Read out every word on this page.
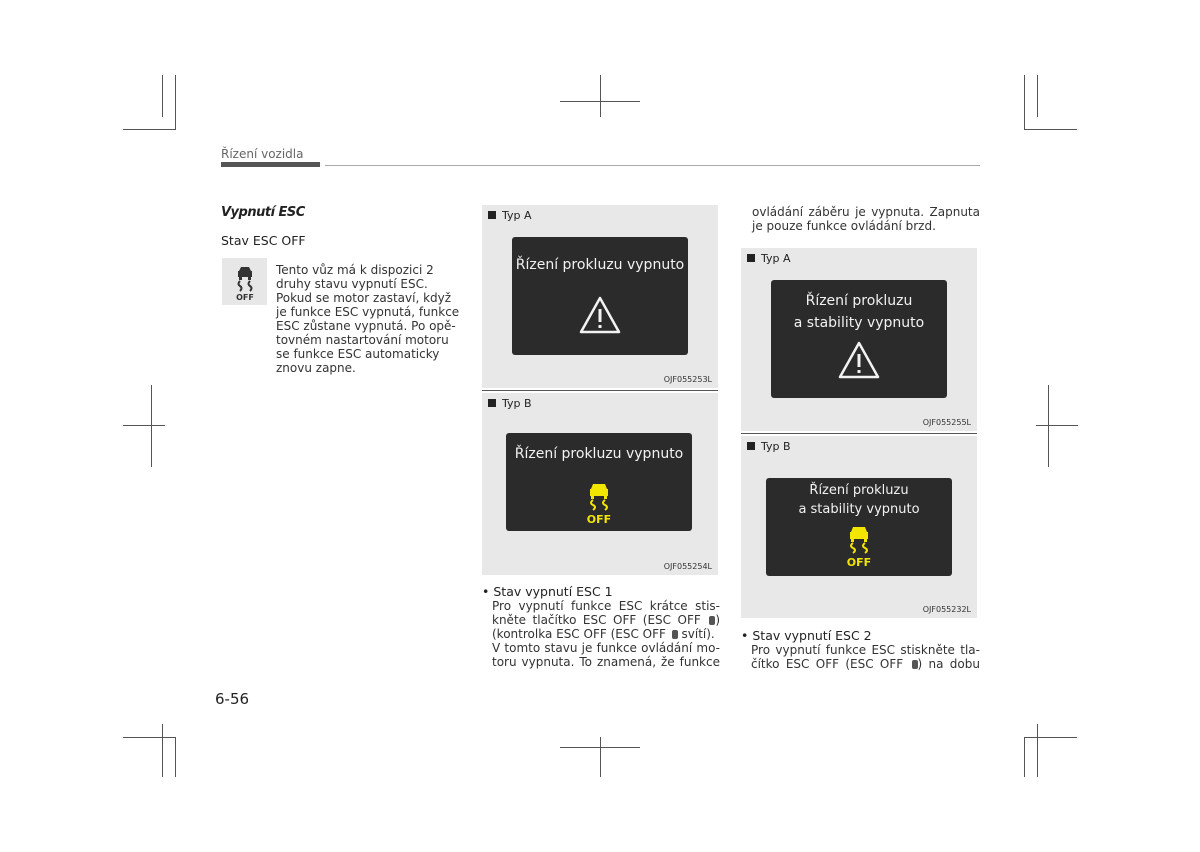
Řízení vozidla
Vypnutí ESC
Stav ESC OFF
OFF
Tento vůz má k dispozici 2
druhy stavu vypnutí ESC.
Pokud se motor zastaví, když
je funkce ESC vypnutá, funkce
ESC zůstane vypnutá. Po opě-
tovném nastartování motoru
se funkce ESC automaticky
znovu zapne.
Typ A
Řízení prokluzu vypnuto
OJF055253L
Typ B
Řízení prokluzu vypnuto
OFF
OJF055254L
• Stav vypnutí ESC 1
Pro vypnutí funkce ESC krátce stis-
kněte tlačítko ESC OFF (ESC OFF )
(kontrolka ESC OFF (ESC OFF  svítí).
V tomto stavu je funkce ovládání mo-
toru vypnuta. To znamená, že funkce
ovládání záběru je vypnuta. Zapnuta
je pouze funkce ovládání brzd.
Typ A
Řízení prokluzu
a stability vypnuto
OJF055255L
Typ B
Řízení prokluzu
a stability vypnuto
OFF
OJF055232L
• Stav vypnutí ESC 2
Pro vypnutí funkce ESC stiskněte tla-
čítko ESC OFF (ESC OFF ) na dobu
6-56
